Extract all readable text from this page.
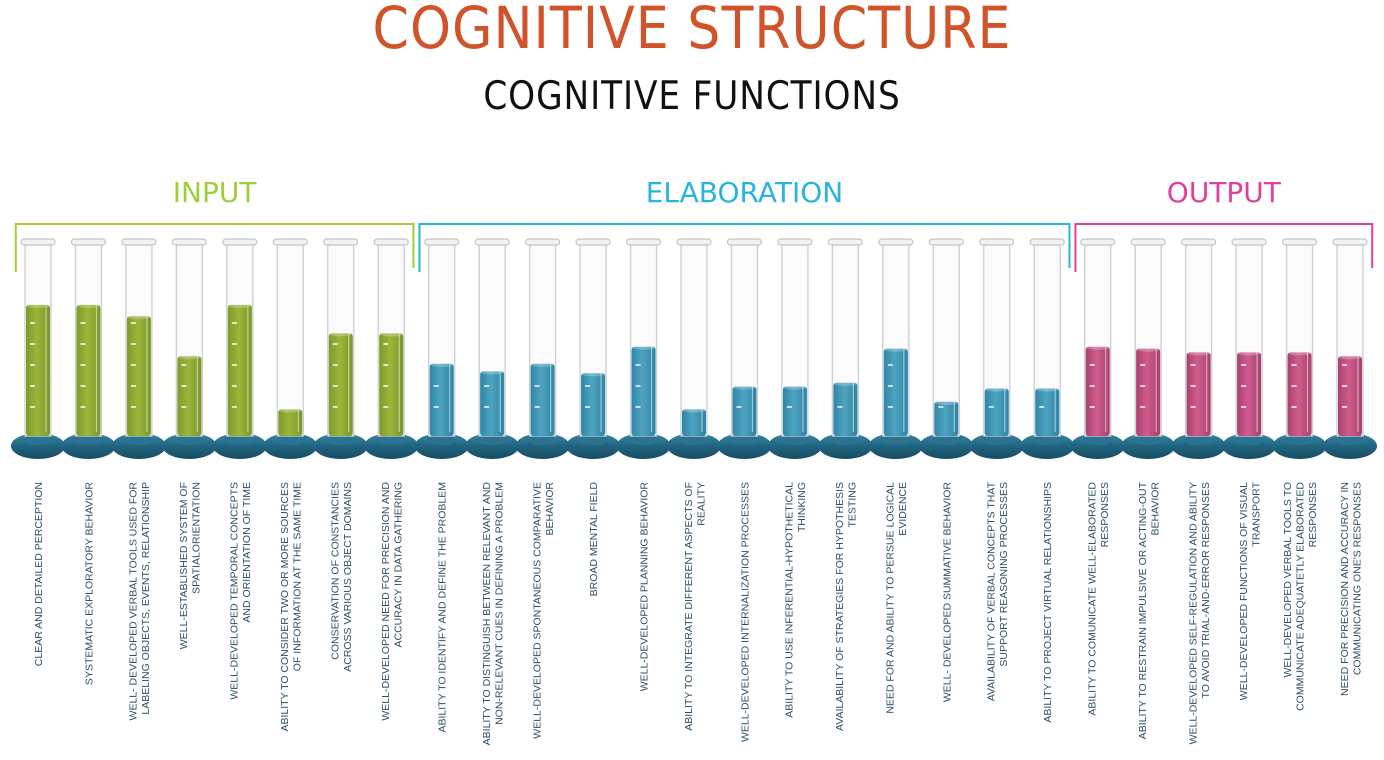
COGNITIVE STRUCTURE
COGNITIVE FUNCTIONS
INPUT
CLEAR AND DETAILED PERCEPTION	SYSTEMATIC EXPLORATORY BEHAVIOR	WELL- DEVELOPED VERBAL TOOLS USED FORLABELING OBJECTS, EVENTS, RELATIONSHIP WELL-ESTABLISHED SYSTEM OFSPATIALORIENTATION WELL-DEVELOPED TEMPORAL CONCEPTSAND ORIENTATION OF TIME ABILITY TO CONSIDER TWO OR MORE SOURCESOF INFORMATION AT THE SAME TIME CONSERVATION OF CONSTANCIESACROSS VARIOUS OBJECT DOMAINS WELL-DEVELOPED NEED FOR PRECISION ANDACCURACY IN DATA GATHERING
ELABORATION
ABILITY TO IDENTIFY AND DEFINE THE PROBLEM	ABILITY TO DISTINGUISH BETWEEN RELEVANT ANDNON-RELEVANT CUES IN DEFINING A PROBLEM WELL-DEVELOPED SPONTANEOUS COMPARATIVEBEHAVIOR	BROAD MENTAL FIELD	WELL-DEVELOPED PLANNING BEHAVIOR	ABILITY TO INTEGRATE DIFFERENT ASPECTS OFREALITY	WELL-DEVELOPED INTERNALIZATION PROCESSES	ABILITY TO USE INFERENTIAL-HYPOTHETICALTHINKING AVAILABILITY OF STRATEGIES FOR HYPOTHESISTESTING NEED FOR AND ABILITY TO PERSUE LOGICALEVIDENCE	WELL- DEVELOPED SUMMATIVE BEHAVIOR	AVAILABILITY OF VERBAL CONCEPTS THATSUPPORT REASONING PROCESSES	ABILITY TO PROJECT VIRTUAL RELATIONSHIPS
OUTPUT
ABILITY TO COMUNICATE WELL-ELABORATEDRESPONSES ABILITY TO RESTRAIN IMPULSIVE OR ACTING-OUTBEHAVIOR WELL-DEVELOPED SELF-REGULATION AND ABILITYTO AVOID TRIAL-AND-ERROR RESPONSES WELL-DEVELOPED FUNCTIONS OF VISUALTRANSPORT WELL-DEVELOPED VERBAL TOOLS TOCOMMUNICATE ADEQUATETLY ELABORATEDRESPONSES NEED FOR PRECISION AND ACCURACY INCOMMUNICATING ONE'S RESPONSES
